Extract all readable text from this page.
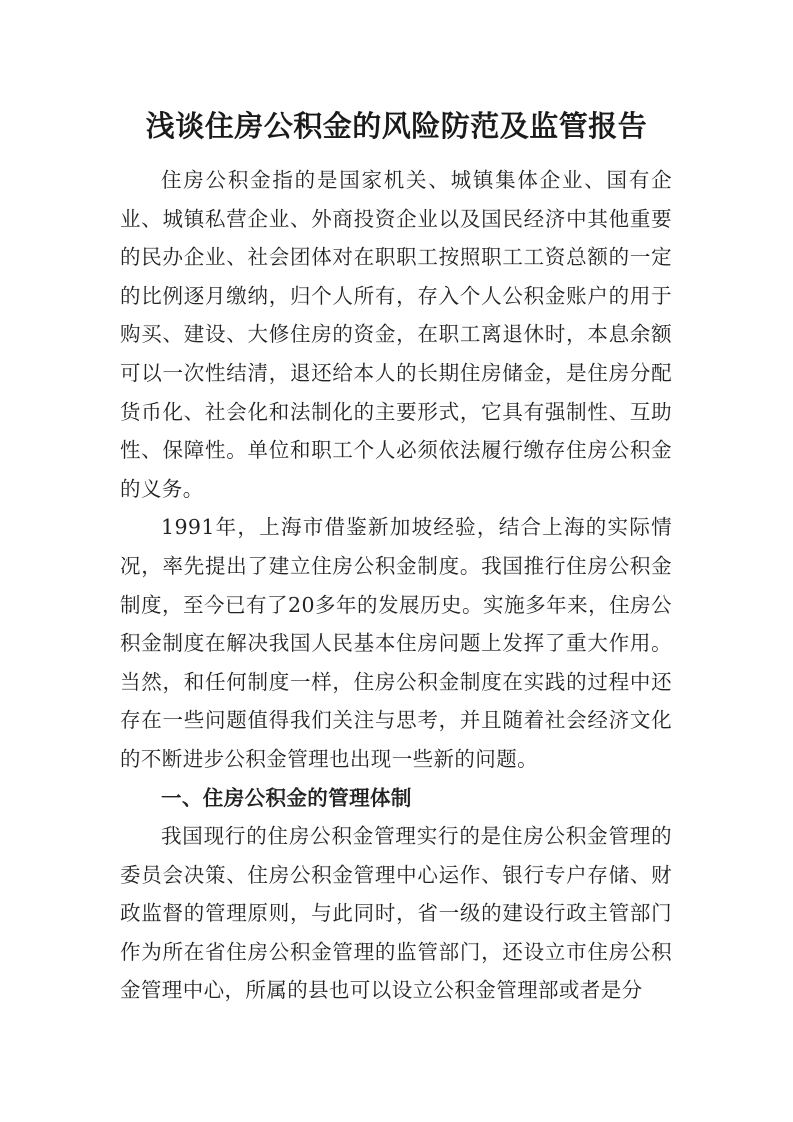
浅谈住房公积金的风险防范及监管报告

住房公积金指的是国家机关、城镇集体企业、国有企业、城镇私营企业、外商投资企业以及国民经济中其他重要的民办企业、社会团体对在职职工按照职工工资总额的一定的比例逐月缴纳，归个人所有，存入个人公积金账户的用于购买、建设、大修住房的资金，在职工离退休时，本息余额可以一次性结清，退还给本人的长期住房储金，是住房分配货币化、社会化和法制化的主要形式，它具有强制性、互助性、保障性。单位和职工个人必须依法履行缴存住房公积金的义务。

1991年，上海市借鉴新加坡经验，结合上海的实际情况，率先提出了建立住房公积金制度。我国推行住房公积金制度，至今已有了20多年的发展历史。实施多年来，住房公积金制度在解决我国人民基本住房问题上发挥了重大作用。当然，和任何制度一样，住房公积金制度在实践的过程中还存在一些问题值得我们关注与思考，并且随着社会经济文化的不断进步公积金管理也出现一些新的问题。

一、住房公积金的管理体制

我国现行的住房公积金管理实行的是住房公积金管理的委员会决策、住房公积金管理中心运作、银行专户存储、财政监督的管理原则，与此同时，省一级的建设行政主管部门作为所在省住房公积金管理的监管部门，还设立市住房公积金管理中心，所属的县也可以设立公积金管理部或者是分
